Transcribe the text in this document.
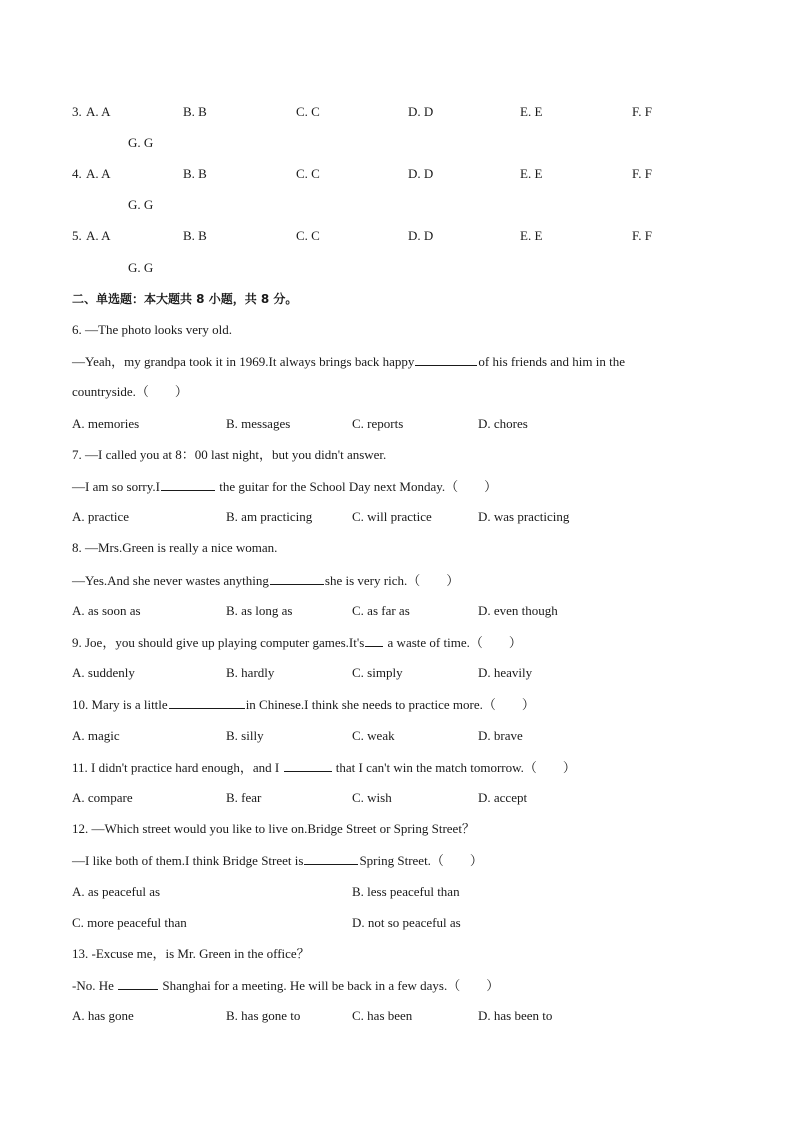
3. A. A	B. B	C. C	D. D	E. E	F. F
G. G
4. A. A	B. B	C. C	D. D	E. E	F. F
G. G
5. A. A	B. B	C. C	D. D	E. E	F. F
G. G
二、单选题：本大题共 8 小题，共 8 分。
6. —The photo looks very old.
—Yeah，my grandpa took it in 1969.It always brings back happy	of his friends and him in the
countryside.（　　）
A. memories	B. messages	C. reports	D. chores
7. —I called you at 8：00 last night，but you didn't answer.
—I am so sorry.I	the guitar for the School Day next Monday.（　　）
A. practice	B. am practicing	C. will practice	D. was practicing
8. —Mrs.Green is really a nice woman.
—Yes.And she never wastes anything	she is very rich.（　　）
A. as soon as	B. as long as	C. as far as	D. even though
9. Joe，you should give up playing computer games.It's a waste of time.（　　）
A. suddenly	B. hardly	C. simply	D. heavily
10. Mary is a little	in Chinese.I think she needs to practice more.（　　）
A. magic	B. silly	C. weak	D. brave
11. I didn't practice hard enough，and I	that I can't win the match tomorrow.（　　）
A. compare	B. fear	C. wish	D. accept
12. —Which street would you like to live on.Bridge Street or Spring Street？
—I like both of them.I think Bridge Street is	Spring Street.（　　）
A. as peaceful as	B. less peaceful than
C. more peaceful than	D. not so peaceful as
13. -Excuse me，is Mr. Green in the office？
-No. He	Shanghai for a meeting. He will be back in a few days.（　　）
A. has gone	B. has gone to	C. has been	D. has been to
